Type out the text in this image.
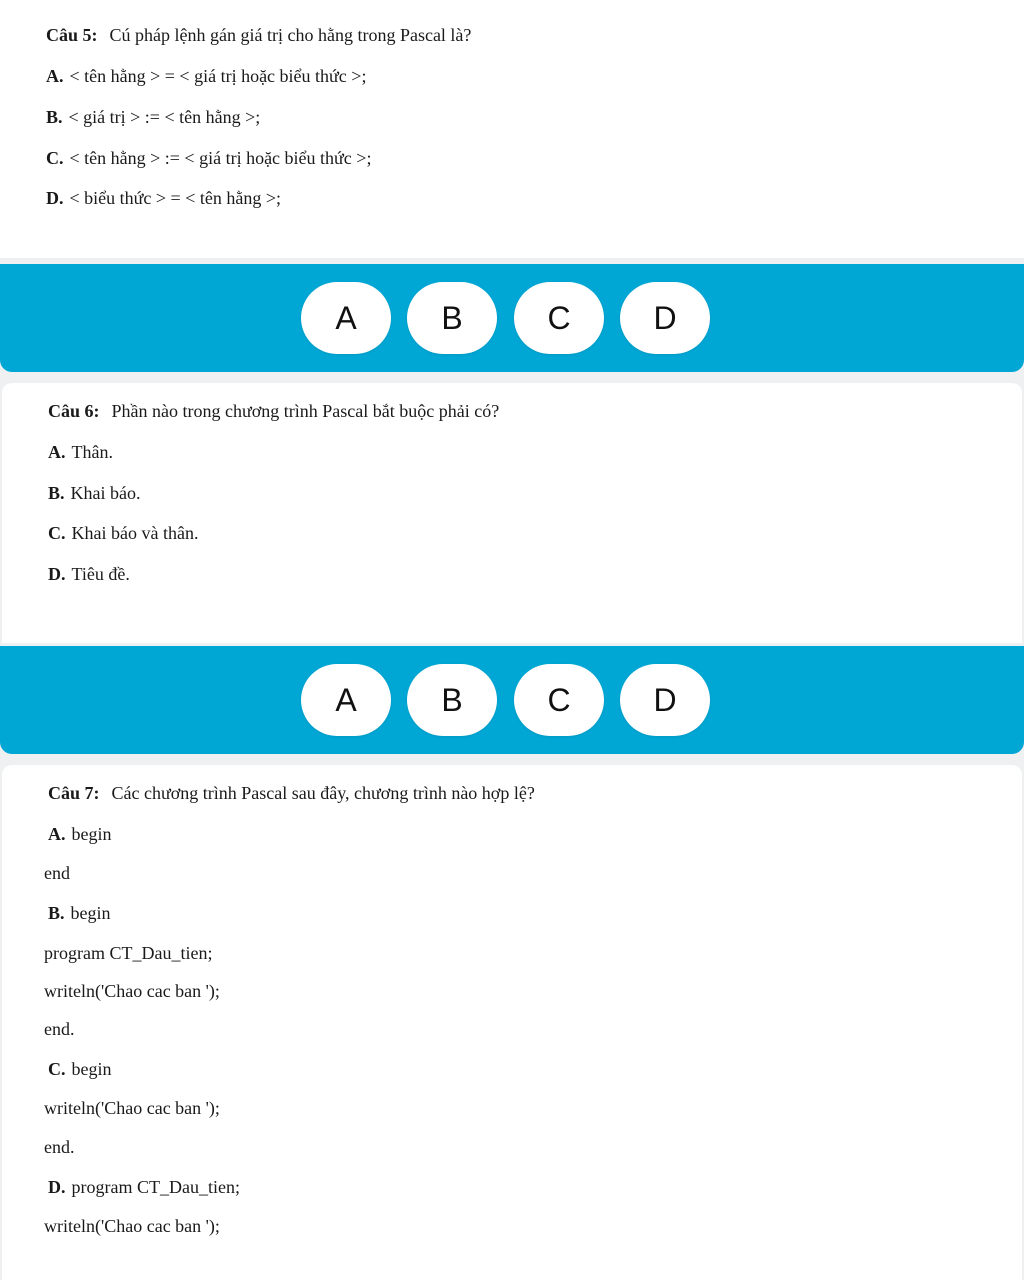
Câu 5: Cú pháp lệnh gán giá trị cho hằng trong Pascal là?
A. < tên hằng > = < giá trị hoặc biểu thức >;
B. < giá trị > := < tên hằng >;
C. < tên hằng > := < giá trị hoặc biểu thức >;
D. < biểu thức > = < tên hằng >;
A	B	C	D
Câu 6: Phần nào trong chương trình Pascal bắt buộc phải có?
A. Thân.
B. Khai báo.
C. Khai báo và thân.
D. Tiêu đề.
A	B	C	D
Câu 7: Các chương trình Pascal sau đây, chương trình nào hợp lệ?
A. begin
end
B. begin
program CT_Dau_tien;
writeln('Chao cac ban ');
end.
C. begin
writeln('Chao cac ban ');
end.
D. program CT_Dau_tien;
writeln('Chao cac ban ');
